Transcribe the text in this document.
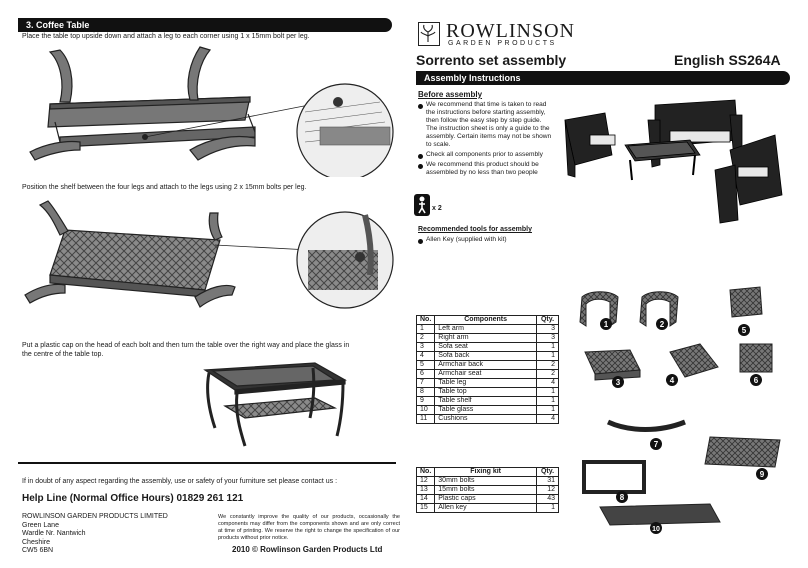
3. Coffee Table
Place the table top upside down and attach a leg to each corner using 1 x 15mm bolt per leg.
Position the shelf between the four legs and attach to the legs using 2 x 15mm bolts per leg.
Put a plastic cap on the head of each bolt and then turn the table over the right way and place the glass in the centre of the table top.
If in doubt of any aspect regarding the assembly, use or safety of your furniture set please contact us :
Help Line (Normal Office Hours) 01829 261 121
ROWLINSON GARDEN PRODUCTS LIMITED
Green Lane
Wardle Nr. Nantwich
Cheshire
CW5 6BN
We constantly improve the quality of our products, occasionally the components may differ from the components shown and are only correct at time of printing. We reserve the right to change the specification of our products without prior notice.
2010 © Rowlinson Garden Products Ltd
ROWLINSON
GARDEN PRODUCTS
Sorrento set assembly	English SS264A
Assembly Instructions
Before assembly
We recommend that time is taken to read the instructions before starting assembly, then follow the easy step by step guide. The instruction sheet is only a guide to the assembly. Certain items may not be shown to scale.
Check all components prior to assembly
We recommend this product should be assembled by no less than two people
x 2
Recommended tools for assembly
Allen Key (supplied with kit)
No.	Components	Qty.
1	Left arm	3
2	Right arm	3
3	Sofa seat	1
4	Sofa back	1
5	Armchair back	2
6	Armchair seat	2
7	Table leg	4
8	Table top	1
9	Table shelf	1
10	Table glass	1
11	Cushions	4
No.	Fixing kit	Qty.
12	30mm bolts	31
13	15mm bolts	12
14	Plastic caps	43
15	Allen key	1
1	2
5
3	4	6
7
8
9
10
